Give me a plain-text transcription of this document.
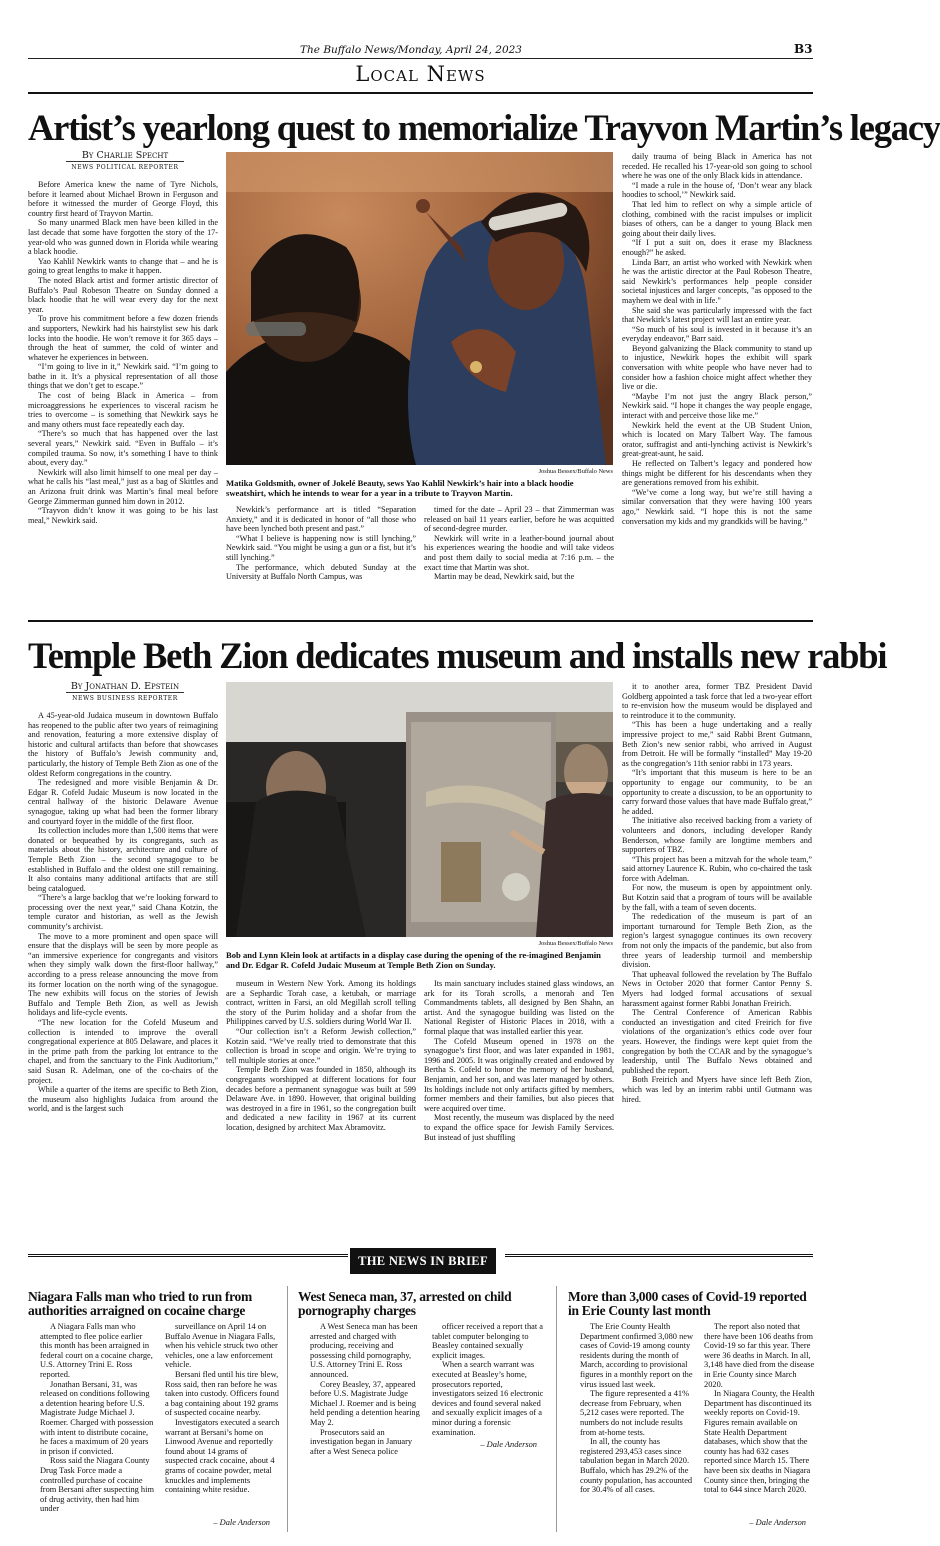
The Buffalo News/Monday, April 24, 2023	B3
Local News
Artist’s yearlong quest to memorialize Trayvon Martin’s legacy
By Charlie Specht
NEWS POLITICAL REPORTER

Before America knew the name of Tyre Nichols, before it learned about Michael Brown in Ferguson and before it witnessed the murder of George Floyd, this country first heard of Trayvon Martin.

So many unarmed Black men have been killed in the last decade that some have forgotten the story of the 17-year-old who was gunned down in Florida while wearing a black hoodie.

Yao Kahlil Newkirk wants to change that – and he is going to great lengths to make it happen.

The noted Black artist and former artistic director of Buffalo’s Paul Robeson Theatre on Sunday donned a black hoodie that he will wear every day for the next year.

To prove his commitment before a few dozen friends and supporters, Newkirk had his hairstylist sew his dark locks into the hoodie. He won’t remove it for 365 days – through the heat of summer, the cold of winter and whatever he experiences in between.

“I’m going to live in it,” Newkirk said. “I’m going to bathe in it. It’s a physical representation of all those things that we don’t get to escape.”

The cost of being Black in America – from microaggressions he experiences to visceral racism he tries to overcome – is something that Newkirk says he and many others must face repeatedly each day.

“There’s so much that has happened over the last several years,” Newkirk said. “Even in Buffalo – it’s compiled trauma. So now, it’s something I have to think about, every day.”

Newkirk will also limit himself to one meal per day – what he calls his “last meal,” just as a bag of Skittles and an Arizona fruit drink was Martin’s final meal before George Zimmerman gunned him down in 2012.

“Trayvon didn’t know it was going to be his last meal,” Newkirk said.

Joshua Bessex/Buffalo News
Matika Goldsmith, owner of Jokelé Beauty, sews Yao Kahlil Newkirk’s hair into a black hoodie sweatshirt, which he intends to wear for a year in a tribute to Trayvon Martin.

Newkirk’s performance art is titled “Separation Anxiety,” and it is dedicated in honor of “all those who have been lynched both present and past.”

“What I believe is happening now is still lynching,” Newkirk said. “You might be using a gun or a fist, but it’s still lynching.”

The performance, which debuted Sunday at the University at Buffalo North Campus, was

timed for the date – April 23 – that Zimmerman was released on bail 11 years earlier, before he was acquitted of second-degree murder.

Newkirk will write in a leather-bound journal about his experiences wearing the hoodie and will take videos and post them daily to social media at 7:16 p.m. – the exact time that Martin was shot.

Martin may be dead, Newkirk said, but the

daily trauma of being Black in America has not receded. He recalled his 17-year-old son going to school where he was one of the only Black kids in attendance.

“I made a rule in the house of, ‘Don’t wear any black hoodies to school,’” Newkirk said.

That led him to reflect on why a simple article of clothing, combined with the racist impulses or implicit biases of others, can be a danger to young Black men going about their daily lives.

“If I put a suit on, does it erase my Blackness enough?” he asked.

Linda Barr, an artist who worked with Newkirk when he was the artistic director at the Paul Robeson Theatre, said Newkirk’s performances help people consider societal injustices and larger concepts, "as opposed to the mayhem we deal with in life."

She said she was particularly impressed with the fact that Newkirk’s latest project will last an entire year.

“So much of his soul is invested in it because it’s an everyday endeavor,” Barr said.

Beyond galvanizing the Black community to stand up to injustice, Newkirk hopes the exhibit will spark conversation with white people who have never had to consider how a fashion choice might affect whether they live or die.

“Maybe I’m not just the angry Black person,” Newkirk said. “I hope it changes the way people engage, interact with and perceive those like me.”

Newkirk held the event at the UB Student Union, which is located on Mary Talbert Way. The famous orator, suffragist and anti-lynching activist is Newkirk’s great-great-aunt, he said.

He reflected on Talbert’s legacy and pondered how things might be different for his descendants when they are generations removed from his exhibit.

“We’ve come a long way, but we’re still having a similar conversation that they were having 100 years ago,” Newkirk said. “I hope this is not the same conversation my kids and my grandkids will be having.”

Temple Beth Zion dedicates museum and installs new rabbi
By Jonathan D. Epstein
NEWS BUSINESS REPORTER

A 45-year-old Judaica museum in downtown Buffalo has reopened to the public after two years of reimagining and renovation, featuring a more extensive display of historic and cultural artifacts than before that showcases the history of Buffalo’s Jewish community and, particularly, the history of Temple Beth Zion as one of the oldest Reform congregations in the country.

The redesigned and more visible Benjamin & Dr. Edgar R. Cofeld Judaic Museum is now located in the central hallway of the historic Delaware Avenue synagogue, taking up what had been the former library and courtyard foyer in the middle of the first floor.

Its collection includes more than 1,500 items that were donated or bequeathed by its congregants, such as materials about the history, architecture and culture of Temple Beth Zion – the second synagogue to be established in Buffalo and the oldest one still remaining. It also contains many additional artifacts that are still being catalogued.

“There’s a large backlog that we’re looking forward to processing over the next year,” said Chana Kotzin, the temple curator and historian, as well as the Jewish community’s archivist.

The move to a more prominent and open space will ensure that the displays will be seen by more people as “an immersive experience for congregants and visitors when they simply walk down the first-floor hallway,” according to a press release announcing the move from its former location on the north wing of the synagogue. The new exhibits will focus on the stories of Jewish Buffalo and Temple Beth Zion, as well as Jewish holidays and life-cycle events.

“The new location for the Cofeld Museum and collection is intended to improve the overall congregational experience at 805 Delaware, and places it in the prime path from the parking lot entrance to the chapel, and from the sanctuary to the Fink Auditorium,” said Susan R. Adelman, one of the co-chairs of the project.

While a quarter of the items are specific to Beth Zion, the museum also highlights Judaica from around the world, and is the largest such

Joshua Bessex/Buffalo News
Bob and Lynn Klein look at artifacts in a display case during the opening of the re-imagined Benjamin and Dr. Edgar R. Cofeld Judaic Museum at Temple Beth Zion on Sunday.

museum in Western New York. Among its holdings are a Sephardic Torah case, a ketubah, or marriage contract, written in Farsi, an old Megillah scroll telling the story of the Purim holiday and a shofar from the Philippines carved by U.S. soldiers during World War II.

“Our collection isn’t a Reform Jewish collection,” Kotzin said. “We’ve really tried to demonstrate that this collection is broad in scope and origin. We’re trying to tell multiple stories at once.”

Temple Beth Zion was founded in 1850, although its congregants worshipped at different locations for four decades before a permanent synagogue was built at 599 Delaware Ave. in 1890. However, that original building was destroyed in a fire in 1961, so the congregation built and dedicated a new facility in 1967 at its current location, designed by architect Max Abramovitz.

Its main sanctuary includes stained glass windows, an ark for its Torah scrolls, a menorah and Ten Commandments tablets, all designed by Ben Shahn, an artist. And the synagogue building was listed on the National Register of Historic Places in 2018, with a formal plaque that was installed earlier this year.

The Cofeld Museum opened in 1978 on the synagogue’s first floor, and was later expanded in 1981, 1996 and 2005. It was originally created and endowed by Bertha S. Cofeld to honor the memory of her husband, Benjamin, and her son, and was later managed by others. Its holdings include not only artifacts gifted by members, former members and their families, but also pieces that were acquired over time.

Most recently, the museum was displaced by the need to expand the office space for Jewish Family Services. But instead of just shuffling

it to another area, former TBZ President David Goldberg appointed a task force that led a two-year effort to re-envision how the museum would be displayed and to reintroduce it to the community.

“This has been a huge undertaking and a really impressive project to me,” said Rabbi Brent Gutmann, Beth Zion’s new senior rabbi, who arrived in August from Detroit. He will be formally “installed” May 19-20 as the congregation’s 11th senior rabbi in 173 years.

“It’s important that this museum is here to be an opportunity to engage our community, to be an opportunity to create a discussion, to be an opportunity to carry forward those values that have made Buffalo great,” he added.

The initiative also received backing from a variety of volunteers and donors, including developer Randy Benderson, whose family are longtime members and supporters of TBZ.

“This project has been a mitzvah for the whole team,” said attorney Laurence K. Rubin, who co-chaired the task force with Adelman.

For now, the museum is open by appointment only. But Kotzin said that a program of tours will be available by the fall, with a team of seven docents.

The rededication of the museum is part of an important turnaround for Temple Beth Zion, as the region’s largest synagogue continues its own recovery from not only the impacts of the pandemic, but also from three years of leadership turmoil and membership division.

That upheaval followed the revelation by The Buffalo News in October 2020 that former Cantor Penny S. Myers had lodged formal accusations of sexual harassment against former Rabbi Jonathan Freirich.

The Central Conference of American Rabbis conducted an investigation and cited Freirich for five violations of the organization’s ethics code over four years. However, the findings were kept quiet from the congregation by both the CCAR and by the synagogue’s leadership, until The Buffalo News obtained and published the report.

Both Freirich and Myers have since left Beth Zion, which was led by an interim rabbi until Gutmann was hired.

THE NEWS IN BRIEF
Niagara Falls man who tried to run from authorities arraigned on cocaine charge

A Niagara Falls man who attempted to flee police earlier this month has been arraigned in federal court on a cocaine charge, U.S. Attorney Trini E. Ross reported.

Jonathan Bersani, 31, was released on conditions following a detention hearing before U.S. Magistrate Judge Michael J. Roemer. Charged with possession with intent to distribute cocaine, he faces a maximum of 20 years in prison if convicted.

Ross said the Niagara County Drug Task Force made a controlled purchase of cocaine from Bersani after suspecting him of drug activity, then had him under

surveillance on April 14 on Buffalo Avenue in Niagara Falls, when his vehicle struck two other vehicles, one a law enforcement vehicle.

Bersani fled until his tire blew, Ross said, then ran before he was taken into custody. Officers found a bag containing about 192 grams of suspected cocaine nearby.

Investigators executed a search warrant at Bersani’s home on Linwood Avenue and reportedly found about 14 grams of suspected crack cocaine, about 4 grams of cocaine powder, metal knuckles and implements containing white residue.

– Dale Anderson

West Seneca man, 37, arrested on child pornography charges

A West Seneca man has been arrested and charged with producing, receiving and possessing child pornography, U.S. Attorney Trini E. Ross announced.

Corey Beasley, 37, appeared before U.S. Magistrate Judge Michael J. Roemer and is being held pending a detention hearing May 2.

Prosecutors said an investigation began in January after a West Seneca police

officer received a report that a tablet computer belonging to Beasley contained sexually explicit images.

When a search warrant was executed at Beasley’s home, prosecutors reported, investigators seized 16 electronic devices and found several naked and sexually explicit images of a minor during a forensic examination.

– Dale Anderson

More than 3,000 cases of Covid-19 reported in Erie County last month

The Erie County Health Department confirmed 3,080 new cases of Covid-19 among county residents during the month of March, according to provisional figures in a monthly report on the virus issued last week.

The figure represented a 41% decrease from February, when 5,212 cases were reported. The numbers do not include results from at-home tests.

In all, the county has registered 293,453 cases since tabulation began in March 2020. Buffalo, which has 29.2% of the county population, has accounted for 30.4% of all cases.

The report also noted that there have been 106 deaths from Covid-19 so far this year. There were 36 deaths in March. In all, 3,148 have died from the disease in Erie County since March 2020.

In Niagara County, the Health Department has discontinued its weekly reports on Covid-19. Figures remain available on State Health Department databases, which show that the county has had 632 cases reported since March 15. There have been six deaths in Niagara County since then, bringing the total to 644 since March 2020.

– Dale Anderson
